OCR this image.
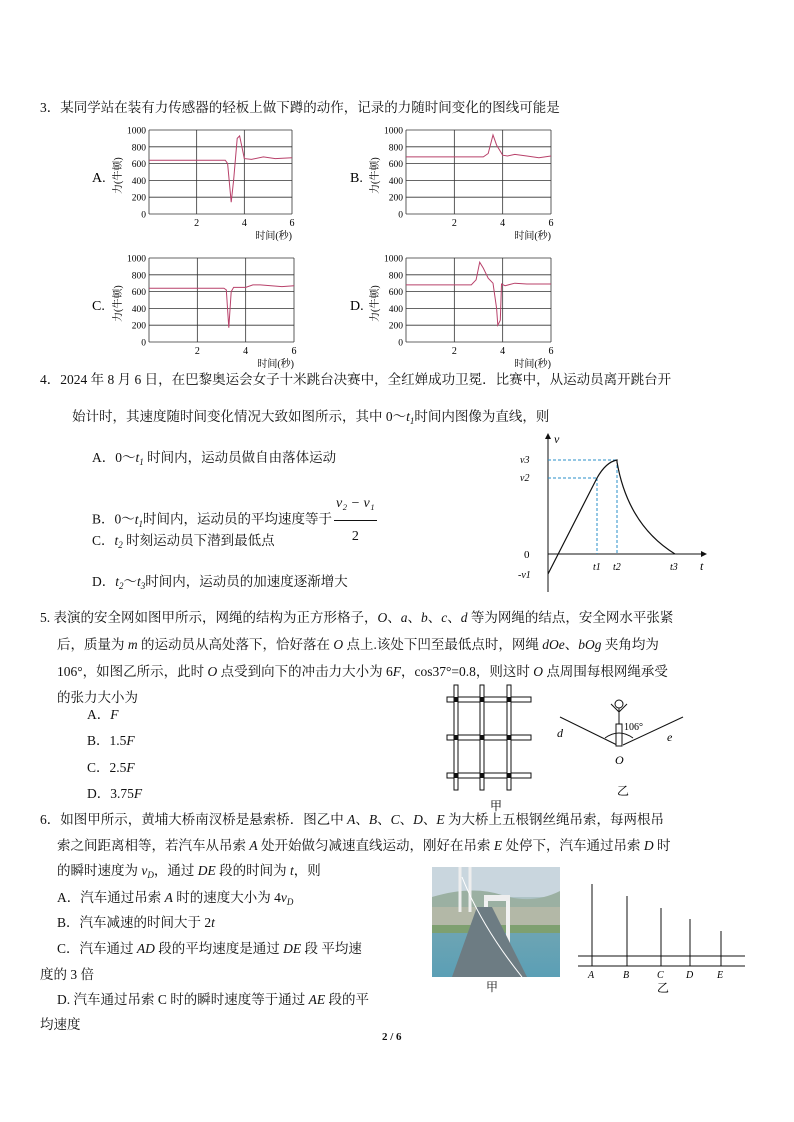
3．某同学站在装有力传感器的轻板上做下蹲的动作，记录的力随时间变化的图线可能是
A. 力(牛顿)
0
200
400
600
800
1000
2	4	6
时间(秒)
B. 力(牛顿)
0
200
400
600
800
1000
2	4	6
时间(秒)
C. 力(牛顿)
0
200
400
600
800
1000
2	4	6
时间(秒)
D. 力(牛顿)
0
200
400
600
800
1000
2	4	6
时间(秒)
4．2024 年 8 月 6 日，在巴黎奥运会女子十米跳台决赛中，全红婵成功卫冕．比赛中，从运动员离开跳台开
始计时，其速度随时间变化情况大致如图所示，其中 $0\sim t_1$时间内图像为直线，则
A．$0\sim t_1$ 时间内，运动员做自由落体运动
B．$0\sim t_1$时间内，运动员的平均速度等于 $\frac{\text{v₂ − v₁}}{2}$
C．$t_2$ 时刻运动员下潜到最低点
D．$t_2\sim t_3$时间内，运动员的加速度逐渐增大
v
t
v3
v2
0
-v1
t1 t2	t3
5. 表演的安全网如图甲所示，网绳的结构为正方形格子，O、a、b、c、d 等为网绳的结点，安全网水平张紧
后，质量为 m 的运动员从高处落下，恰好落在 O 点上.该处下凹至最低点时，网绳 dOe、bOg 夹角均为
106°，如图乙所示，此时 O 点受到向下的冲击力大小为 6F，cos37°=0.8，则这时 O 点周围每根网绳承受
的张力大小为
A．F
B．1.5F
C．2.5F
D．3.75F
甲
106°
d	e
O
乙
6．如图甲所示，黄埔大桥南汊桥是悬索桥．图乙中 A、B、C、D、E 为大桥上五根钢丝绳吊索，每两根吊
索之间距离相等，若汽车从吊索 A 处开始做匀减速直线运动，刚好在吊索 E 处停下，汽车通过吊索 D 时
的瞬时速度为 $v_D$，通过 DE 段的时间为 t，则
A．汽车通过吊索 A 时的速度大小为 $4v_D$
B．汽车减速的时间大于 2t
C．汽车通过 AD 段的平均速度是通过 DE 段 平均速
度的 3 倍
D. 汽车通过吊索 C 时的瞬时速度等于通过 AE 段的平
均速度
甲
A	B	C D E
乙
2 / 6
